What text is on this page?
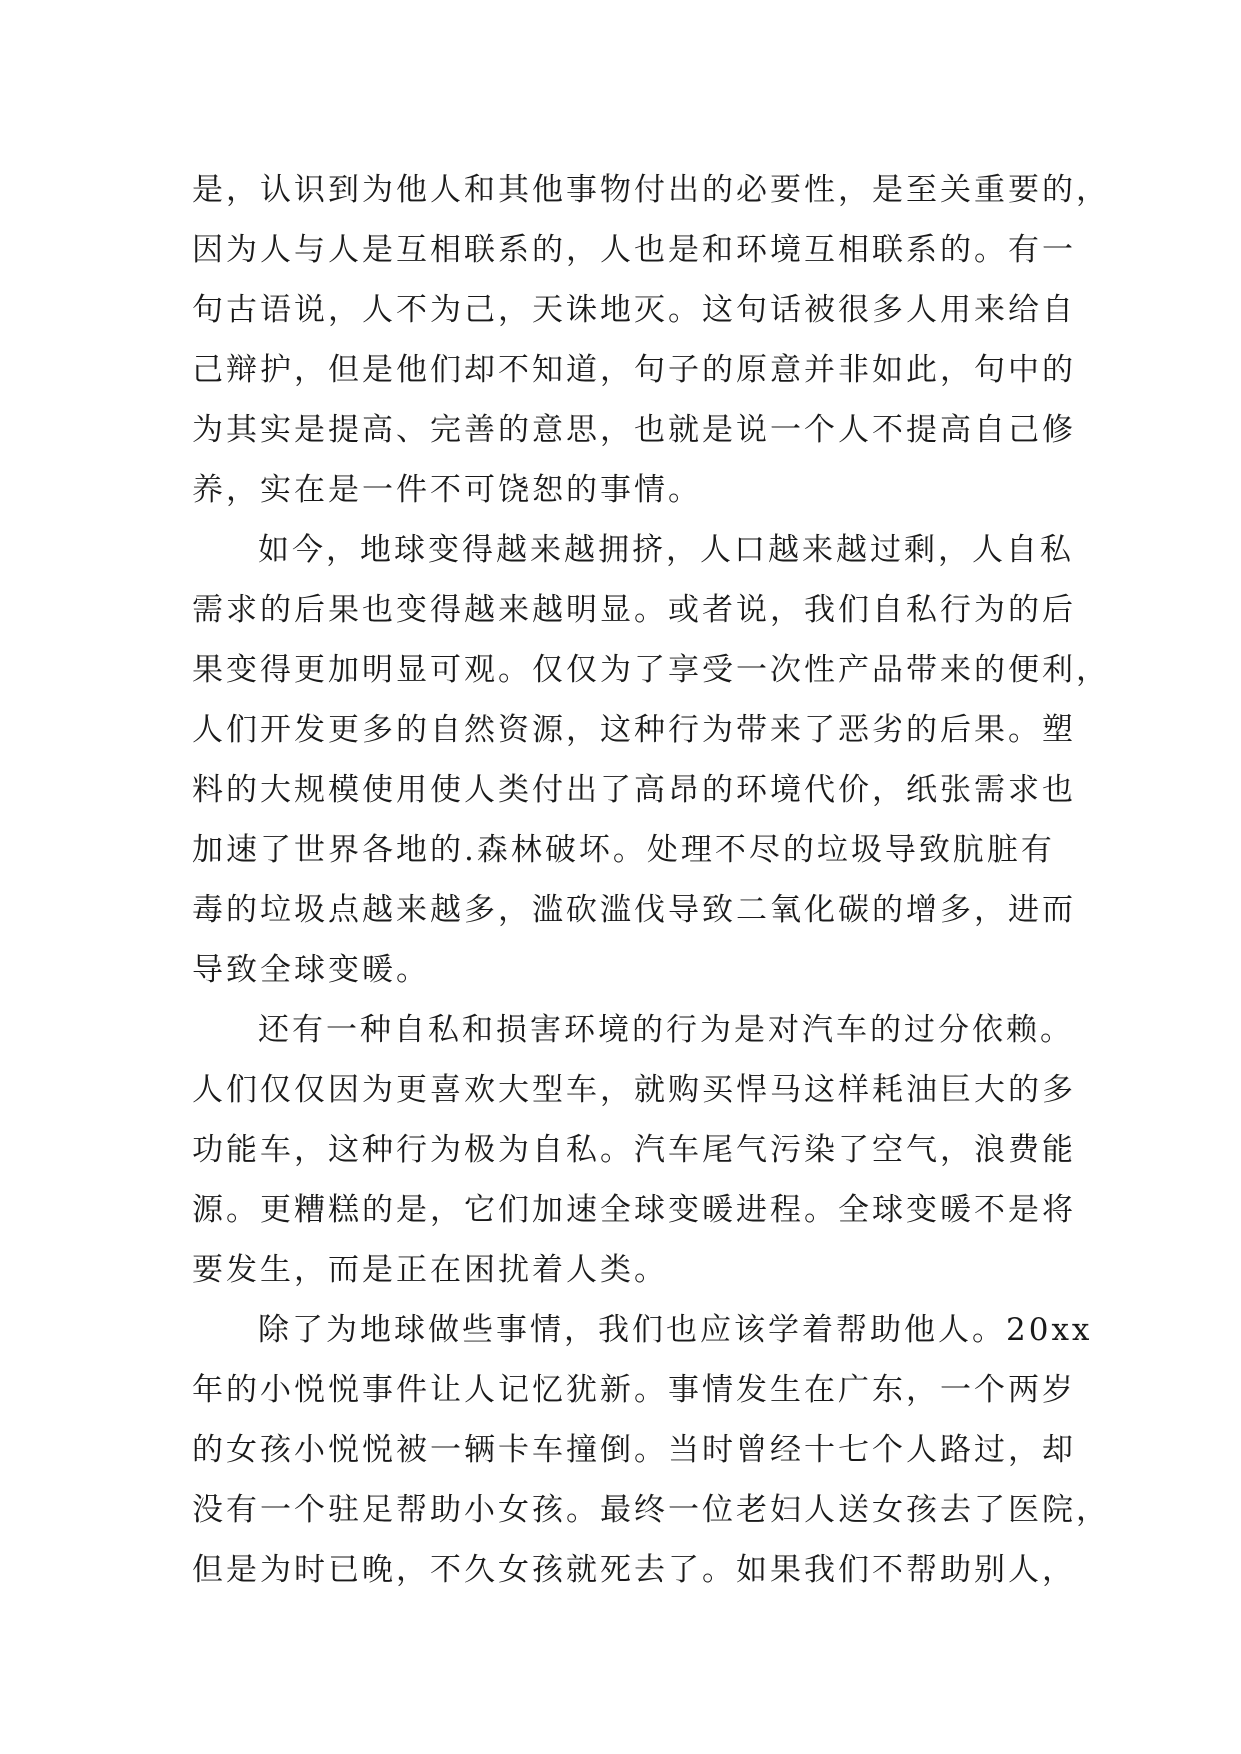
是，认识到为他人和其他事物付出的必要性，是至关重要的，
因为人与人是互相联系的，人也是和环境互相联系的。有一
句古语说，人不为己，天诛地灭。这句话被很多人用来给自
己辩护，但是他们却不知道，句子的原意并非如此，句中的
为其实是提高、完善的意思，也就是说一个人不提高自己修
养，实在是一件不可饶恕的事情。
如今，地球变得越来越拥挤，人口越来越过剩，人自私
需求的后果也变得越来越明显。或者说，我们自私行为的后
果变得更加明显可观。仅仅为了享受一次性产品带来的便利，
人们开发更多的自然资源，这种行为带来了恶劣的后果。塑
料的大规模使用使人类付出了高昂的环境代价，纸张需求也
加速了世界各地的.森林破坏。处理不尽的垃圾导致肮脏有
毒的垃圾点越来越多，滥砍滥伐导致二氧化碳的增多，进而
导致全球变暖。
还有一种自私和损害环境的行为是对汽车的过分依赖。
人们仅仅因为更喜欢大型车，就购买悍马这样耗油巨大的多
功能车，这种行为极为自私。汽车尾气污染了空气，浪费能
源。更糟糕的是，它们加速全球变暖进程。全球变暖不是将
要发生，而是正在困扰着人类。
除了为地球做些事情，我们也应该学着帮助他人。20xx
年的小悦悦事件让人记忆犹新。事情发生在广东，一个两岁
的女孩小悦悦被一辆卡车撞倒。当时曾经十七个人路过，却
没有一个驻足帮助小女孩。最终一位老妇人送女孩去了医院，
但是为时已晚，不久女孩就死去了。如果我们不帮助别人，
